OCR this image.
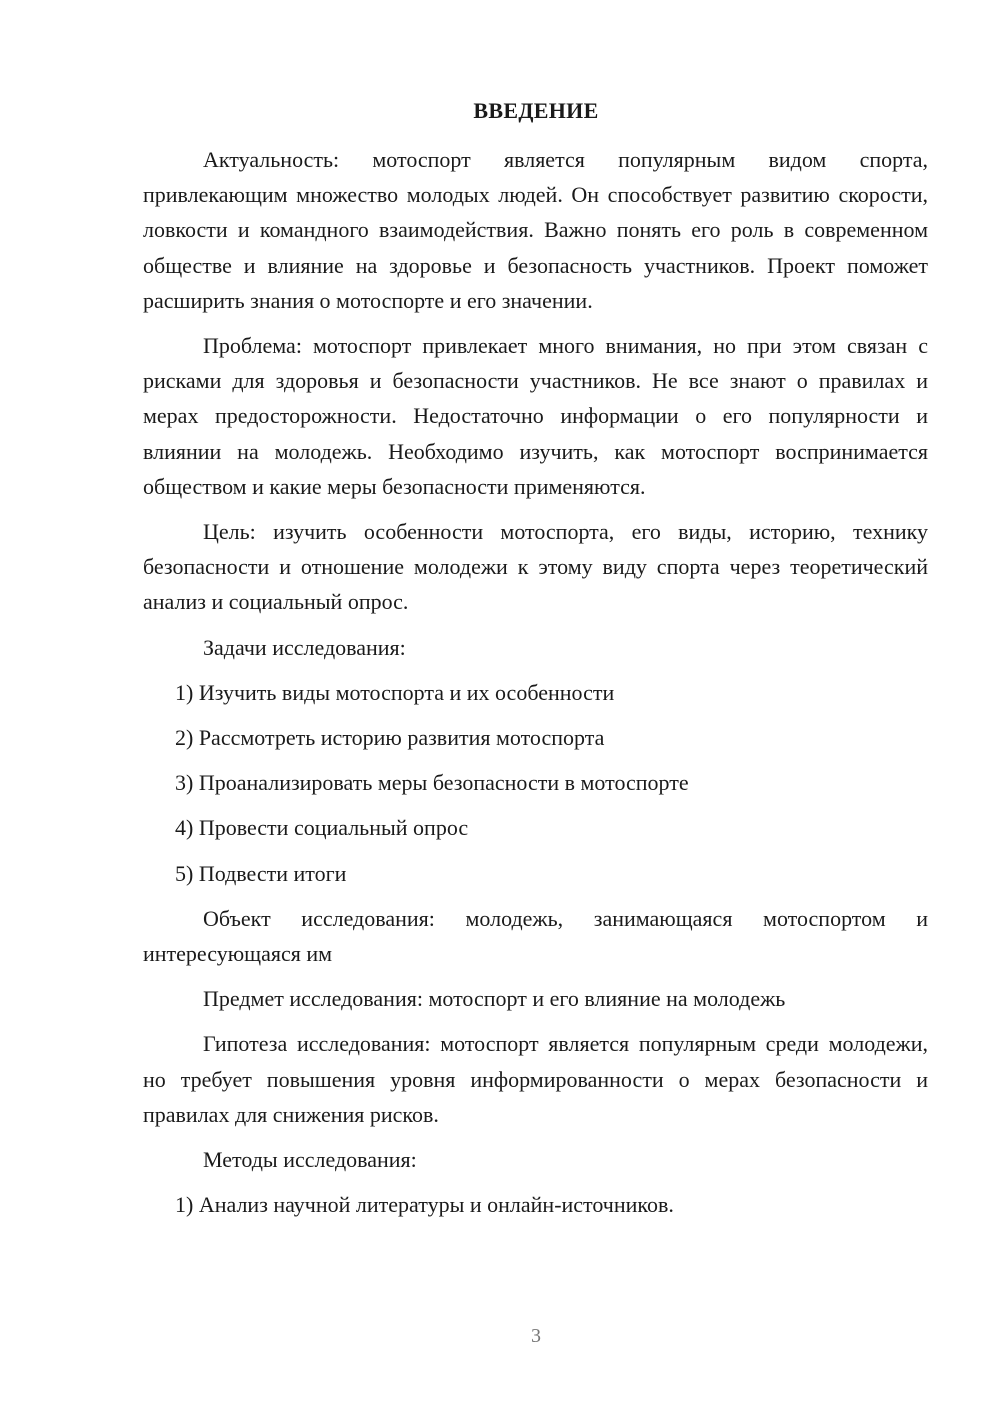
ВВЕДЕНИЕ

Актуальность: мотоспорт является популярным видом спорта, привлекающим множество молодых людей. Он способствует развитию скорости, ловкости и командного взаимодействия. Важно понять его роль в современном обществе и влияние на здоровье и безопасность участников. Проект поможет расширить знания о мотоспорте и его значении.

Проблема: мотоспорт привлекает много внимания, но при этом связан с рисками для здоровья и безопасности участников. Не все знают о правилах и мерах предосторожности. Недостаточно информации о его популярности и влиянии на молодежь. Необходимо изучить, как мотоспорт воспринимается обществом и какие меры безопасности применяются.

Цель: изучить особенности мотоспорта, его виды, историю, технику безопасности и отношение молодежи к этому виду спорта через теоретический анализ и социальный опрос.

Задачи исследования:

1) Изучить виды мотоспорта и их особенности
2) Рассмотреть историю развития мотоспорта
3) Проанализировать меры безопасности в мотоспорте
4) Провести социальный опрос
5) Подвести итоги

Объект исследования: молодежь, занимающаяся мотоспортом и интересующаяся им

Предмет исследования: мотоспорт и его влияние на молодежь

Гипотеза исследования: мотоспорт является популярным среди молодежи, но требует повышения уровня информированности о мерах безопасности и правилах для снижения рисков.

Методы исследования:

1) Анализ научной литературы и онлайн-источников.
3
